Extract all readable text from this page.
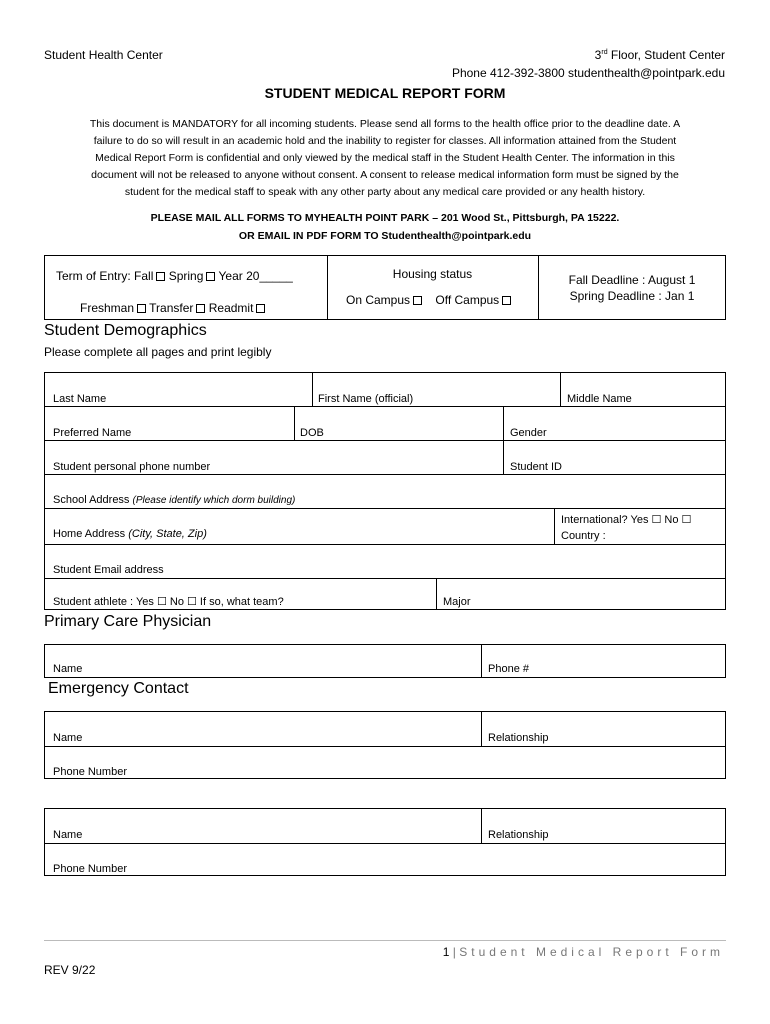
Student Health Center	3rd Floor, Student Center
Phone 412-392-3800 studenthealth@pointpark.edu
STUDENT MEDICAL REPORT FORM
This document is MANDATORY for all incoming students. Please send all forms to the health office prior to the deadline date. A
failure to do so will result in an academic hold and the inability to register for classes. All information attained from the Student
Medical Report Form is confidential and only viewed by the medical staff in the Student Health Center. The information in this
document will not be released to anyone without consent. A consent to release medical information form must be signed by the
student for the medical staff to speak with any other party about any medical care provided or any health history.
PLEASE MAIL ALL FORMS TO MYHEALTH POINT PARK – 201 Wood St., Pittsburgh, PA 15222.
OR EMAIL IN PDF FORM TO Studenthealth@pointpark.edu
Term of Entry: Fall Spring Year 20_____
Freshman Transfer Readmit
Housing status
On Campus Off Campus
Fall Deadline : August 1
Spring Deadline : Jan 1
Student Demographics
Please complete all pages and print legibly
Last Name	First Name (official)	Middle Name
Preferred Name	DOB	Gender
Student personal phone number	Student ID
School Address (Please identify which dorm building)
Home Address (City, State, Zip)
International? Yes ☐ No ☐
Country :
Student Email address
Student athlete : Yes ☐ No ☐ If so, what team?	Major
Primary Care Physician
Name	Phone #
Emergency Contact
Name	Relationship
Phone Number
Name	Relationship
Phone Number
1 | Student Medical Report Form
REV 9/22
